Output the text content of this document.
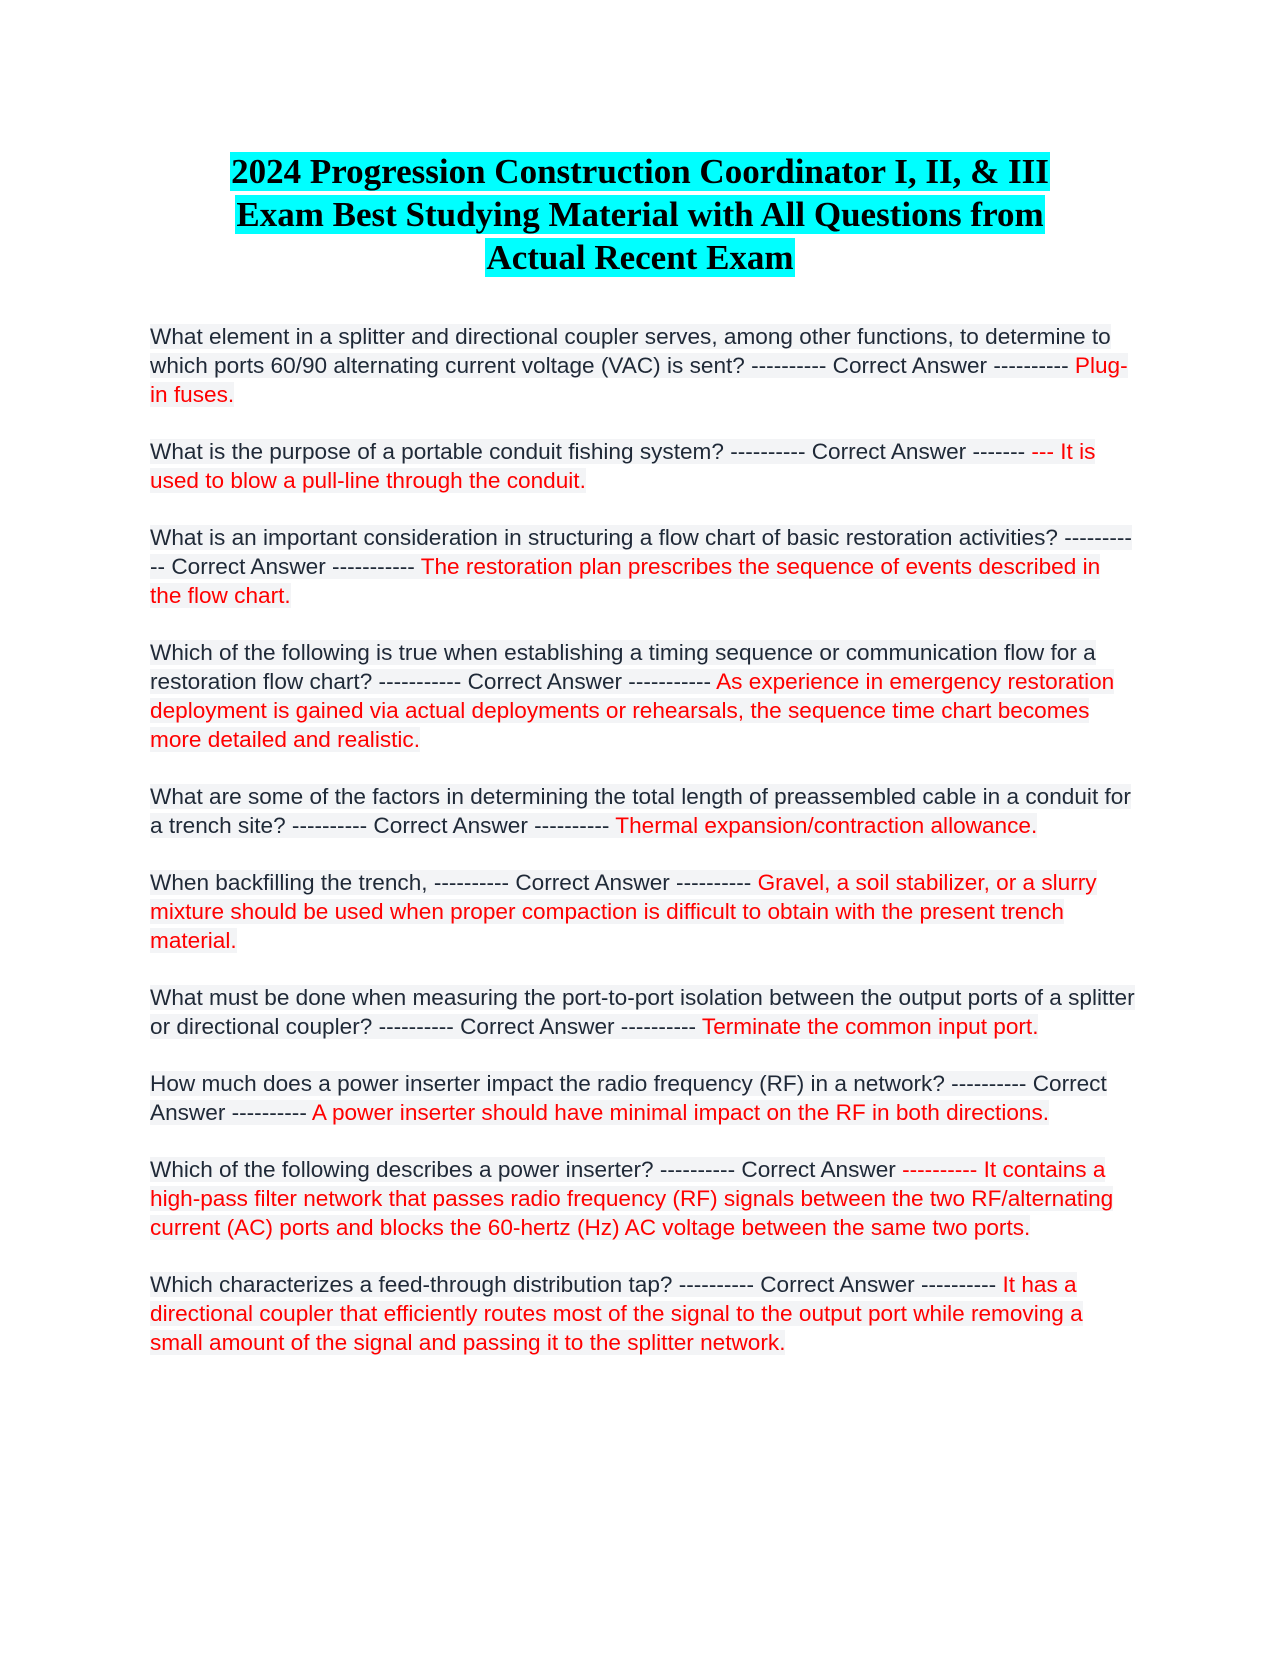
2024 Progression Construction Coordinator I, II, & III
Exam Best Studying Material with All Questions from
Actual Recent Exam

What element in a splitter and directional coupler serves, among other functions, to determine to which ports 60/90 alternating current voltage (VAC) is sent? ---------- Correct Answer ---------- Plug-in fuses.

What is the purpose of a portable conduit fishing system? ---------- Correct Answer ------- --- It is used to blow a pull-line through the conduit.

What is an important consideration in structuring a flow chart of basic restoration activities? ----------- Correct Answer ----------- The restoration plan prescribes the sequence of events described in the flow chart.

Which of the following is true when establishing a timing sequence or communication flow for a restoration flow chart? ----------- Correct Answer ----------- As experience in emergency restoration deployment is gained via actual deployments or rehearsals, the sequence time chart becomes more detailed and realistic.

What are some of the factors in determining the total length of preassembled cable in a conduit for a trench site? ---------- Correct Answer ---------- Thermal expansion/contraction allowance.

When backfilling the trench, ---------- Correct Answer ---------- Gravel, a soil stabilizer, or a slurry mixture should be used when proper compaction is difficult to obtain with the present trench material.

What must be done when measuring the port-to-port isolation between the output ports of a splitter or directional coupler? ---------- Correct Answer ---------- Terminate the common input port.

How much does a power inserter impact the radio frequency (RF) in a network? ---------- Correct Answer ---------- A power inserter should have minimal impact on the RF in both directions.

Which of the following describes a power inserter? ---------- Correct Answer ---------- It contains a high-pass filter network that passes radio frequency (RF) signals between the two RF/alternating current (AC) ports and blocks the 60-hertz (Hz) AC voltage between the same two ports.

Which characterizes a feed-through distribution tap? ---------- Correct Answer ---------- It has a directional coupler that efficiently routes most of the signal to the output port while removing a small amount of the signal and passing it to the splitter network.
